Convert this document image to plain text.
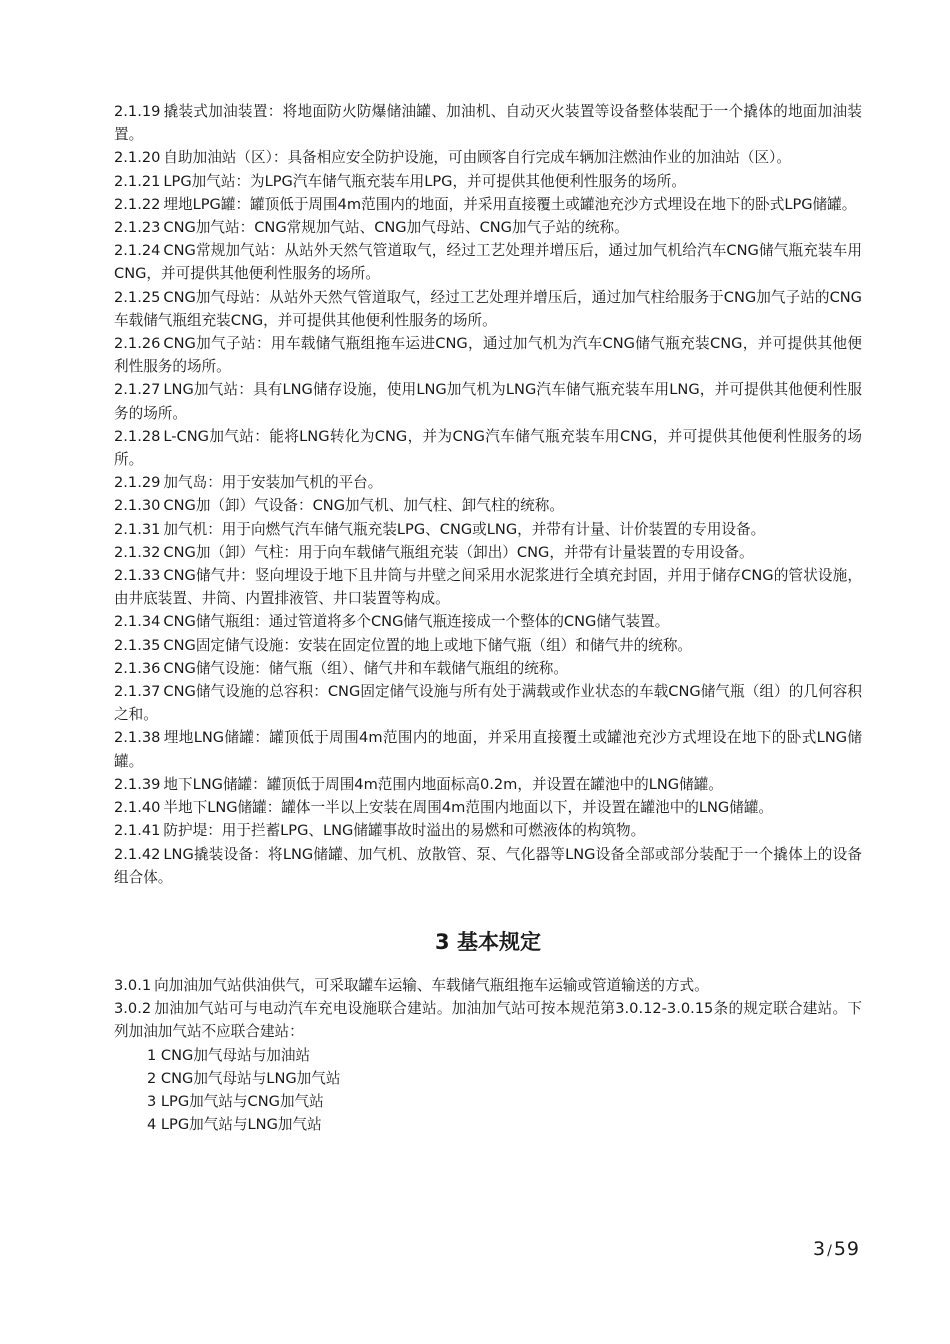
2.1.19 撬装式加油装置：将地面防火防爆储油罐、加油机、自动灭火装置等设备整体装配于一个撬体的地面加油装置。

2.1.20 自助加油站（区）：具备相应安全防护设施，可由顾客自行完成车辆加注燃油作业的加油站（区）。

2.1.21 LPG加气站：为LPG汽车储气瓶充装车用LPG，并可提供其他便利性服务的场所。

2.1.22 埋地LPG罐：罐顶低于周围4m范围内的地面，并采用直接覆土或罐池充沙方式埋设在地下的卧式LPG储罐。

2.1.23 CNG加气站：CNG常规加气站、CNG加气母站、CNG加气子站的统称。

2.1.24 CNG常规加气站：从站外天然气管道取气，经过工艺处理并增压后，通过加气机给汽车CNG储气瓶充装车用CNG，并可提供其他便利性服务的场所。

2.1.25 CNG加气母站：从站外天然气管道取气，经过工艺处理并增压后，通过加气柱给服务于CNG加气子站的CNG车载储气瓶组充装CNG，并可提供其他便利性服务的场所。

2.1.26 CNG加气子站：用车载储气瓶组拖车运进CNG，通过加气机为汽车CNG储气瓶充装CNG，并可提供其他便利性服务的场所。

2.1.27 LNG加气站：具有LNG储存设施，使用LNG加气机为LNG汽车储气瓶充装车用LNG，并可提供其他便利性服务的场所。

2.1.28 L-CNG加气站：能将LNG转化为CNG，并为CNG汽车储气瓶充装车用CNG，并可提供其他便利性服务的场所。

2.1.29 加气岛：用于安装加气机的平台。

2.1.30 CNG加（卸）气设备：CNG加气机、加气柱、卸气柱的统称。

2.1.31 加气机：用于向燃气汽车储气瓶充装LPG、CNG或LNG，并带有计量、计价装置的专用设备。

2.1.32 CNG加（卸）气柱：用于向车载储气瓶组充装（卸出）CNG，并带有计量装置的专用设备。

2.1.33 CNG储气井：竖向埋设于地下且井筒与井壁之间采用水泥浆进行全填充封固，并用于储存CNG的管状设施，由井底装置、井筒、内置排液管、井口装置等构成。

2.1.34 CNG储气瓶组：通过管道将多个CNG储气瓶连接成一个整体的CNG储气装置。

2.1.35 CNG固定储气设施：安装在固定位置的地上或地下储气瓶（组）和储气井的统称。

2.1.36 CNG储气设施：储气瓶（组）、储气井和车载储气瓶组的统称。

2.1.37 CNG储气设施的总容积：CNG固定储气设施与所有处于满载或作业状态的车载CNG储气瓶（组）的几何容积之和。

2.1.38 埋地LNG储罐：罐顶低于周围4m范围内的地面，并采用直接覆土或罐池充沙方式埋设在地下的卧式LNG储罐。

2.1.39 地下LNG储罐：罐顶低于周围4m范围内地面标高0.2m，并设置在罐池中的LNG储罐。

2.1.40 半地下LNG储罐：罐体一半以上安装在周围4m范围内地面以下，并设置在罐池中的LNG储罐。

2.1.41 防护堤：用于拦蓄LPG、LNG储罐事故时溢出的易燃和可燃液体的构筑物。

2.1.42 LNG撬装设备：将LNG储罐、加气机、放散管、泵、气化器等LNG设备全部或部分装配于一个撬体上的设备组合体。

3 基本规定

3.0.1 向加油加气站供油供气，可采取罐车运输、车载储气瓶组拖车运输或管道输送的方式。

3.0.2 加油加气站可与电动汽车充电设施联合建站。加油加气站可按本规范第3.0.12-3.0.15条的规定联合建站。下列加油加气站不应联合建站：

1 CNG加气母站与加油站
2 CNG加气母站与LNG加气站
3 LPG加气站与CNG加气站
4 LPG加气站与LNG加气站
3/59
